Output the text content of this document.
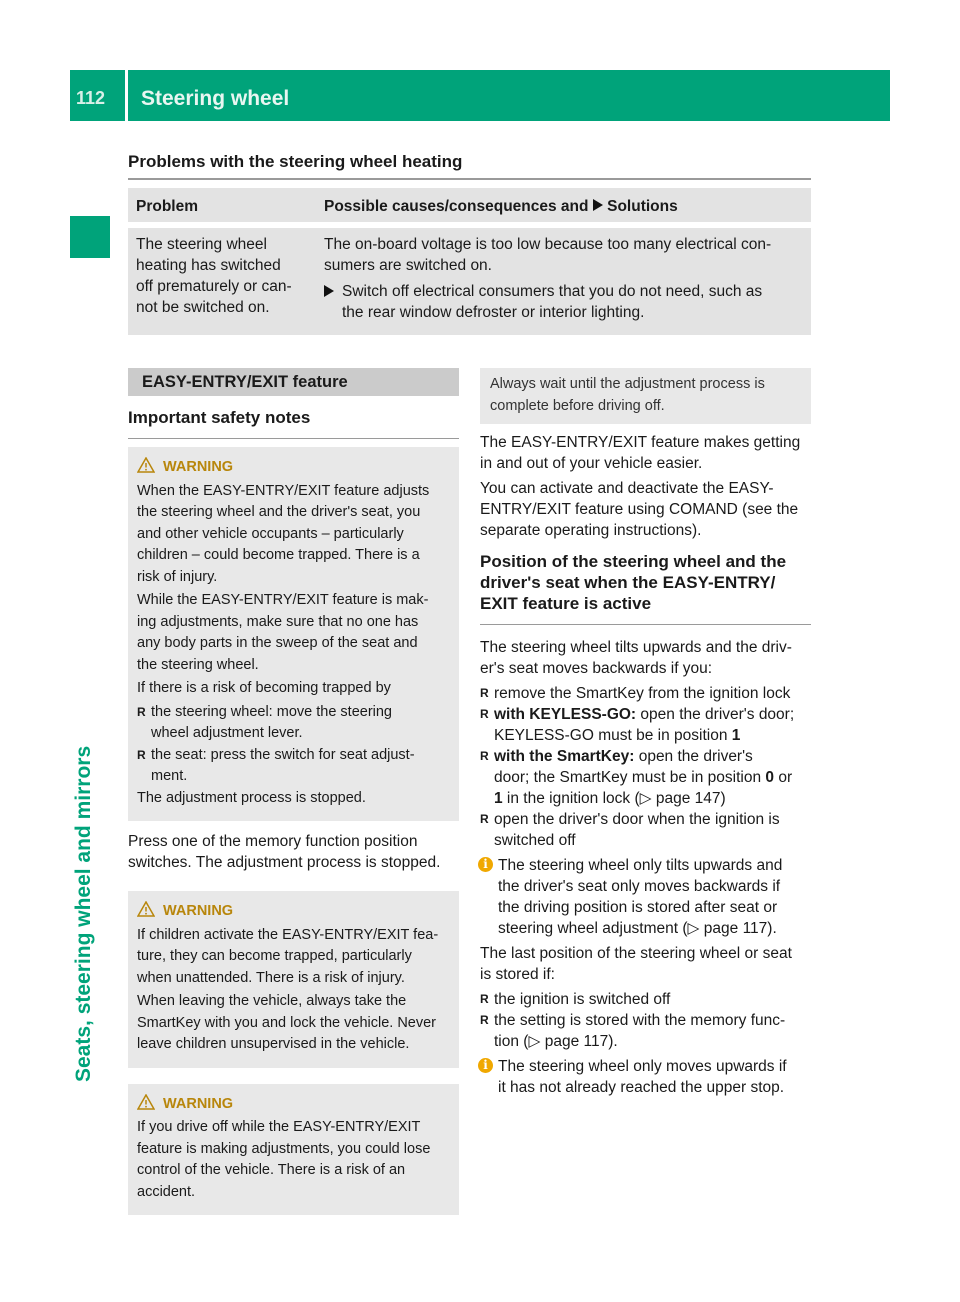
112 Steering wheel
Seats, steering wheel and mirrors
Problems with the steering wheel heating
Problem	Possible causes/consequences and Solutions
The steering wheel
heating has switched
off prematurely or can-
not be switched on.
The on-board voltage is too low because too many electrical con-
sumers are switched on.
Switch off electrical consumers that you do not need, such as
the rear window defroster or interior lighting.
EASY-ENTRY/EXIT feature
Important safety notes
WARNING

When the EASY-ENTRY/EXIT feature adjusts
the steering wheel and the driver's seat, you
and other vehicle occupants – particularly
children – could become trapped. There is a
risk of injury.

While the EASY-ENTRY/EXIT feature is mak-
ing adjustments, make sure that no one has
any body parts in the sweep of the seat and
the steering wheel.

If there is a risk of becoming trapped by

R the steering wheel: move the steering
wheel adjustment lever.
R the seat: press the switch for seat adjust-
ment.

The adjustment process is stopped.

Press one of the memory function position
switches. The adjustment process is stopped.

WARNING

If children activate the EASY-ENTRY/EXIT fea-
ture, they can become trapped, particularly
when unattended. There is a risk of injury.

When leaving the vehicle, always take the
SmartKey with you and lock the vehicle. Never
leave children unsupervised in the vehicle.

WARNING

If you drive off while the EASY-ENTRY/EXIT
feature is making adjustments, you could lose
control of the vehicle. There is a risk of an
accident.

Always wait until the adjustment process is
complete before driving off.

The EASY-ENTRY/EXIT feature makes getting
in and out of your vehicle easier.

You can activate and deactivate the EASY-
ENTRY/EXIT feature using COMAND (see the
separate operating instructions).

Position of the steering wheel and the
driver's seat when the EASY-ENTRY/
EXIT feature is active

The steering wheel tilts upwards and the driv-
er's seat moves backwards if you:

R remove the SmartKey from the ignition lock
R with KEYLESS-GO: open the driver's door;
KEYLESS-GO must be in position 1
R with the SmartKey: open the driver's
door; the SmartKey must be in position 0 or
1 in the ignition lock (▷ page 147)
R open the driver's door when the ignition is
switched off
i The steering wheel only tilts upwards and
the driver's seat only moves backwards if
the driving position is stored after seat or
steering wheel adjustment (▷ page 117).

The last position of the steering wheel or seat
is stored if:

R the ignition is switched off
R the setting is stored with the memory func-
tion (▷ page 117).
i The steering wheel only moves upwards if
it has not already reached the upper stop.
